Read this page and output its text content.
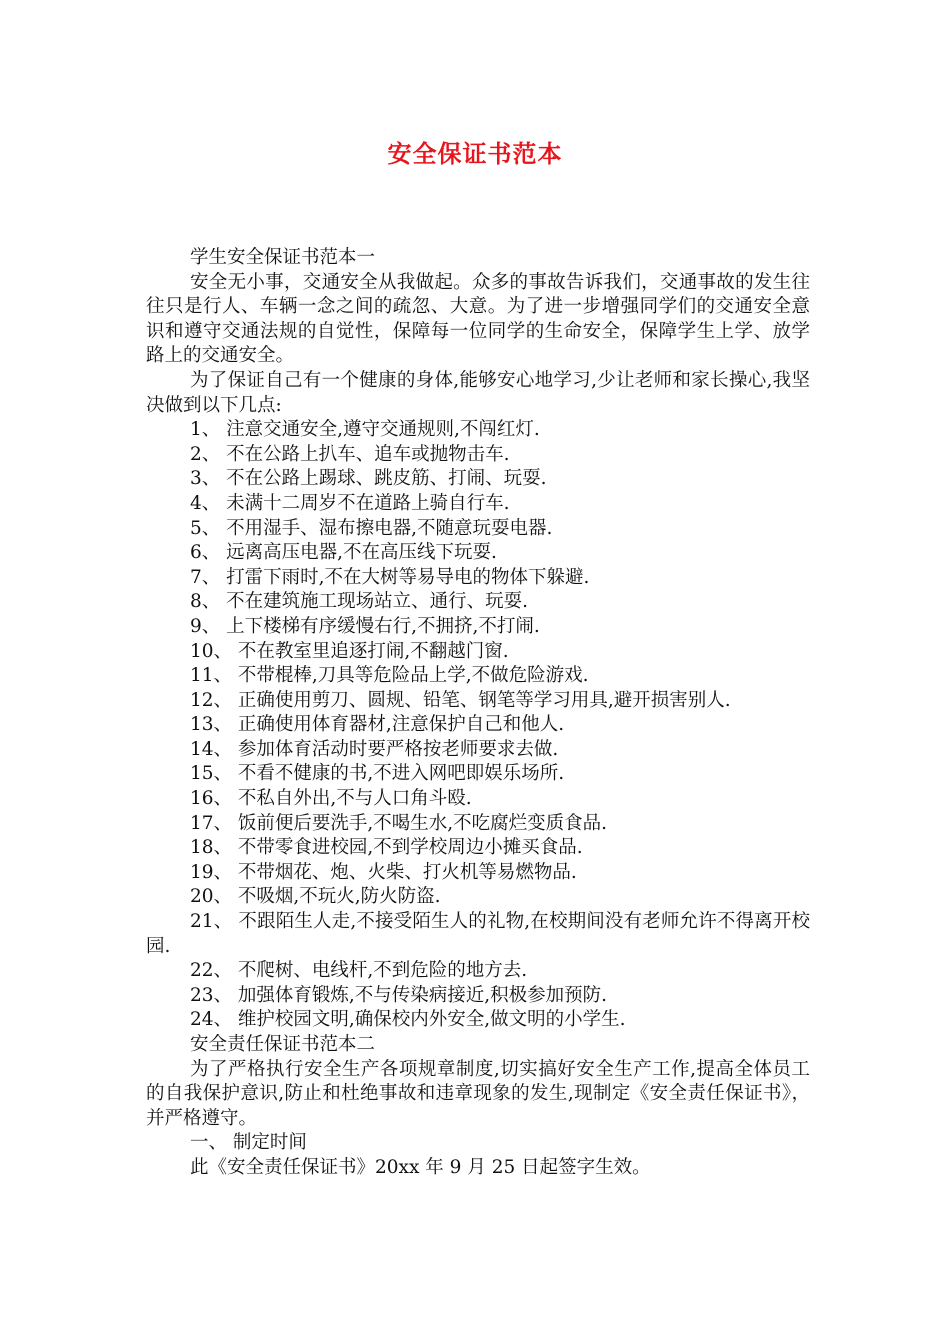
安全保证书范本

学生安全保证书范本一

安全无小事，交通安全从我做起。众多的事故告诉我们，交通事故的发生往往只是行人、车辆一念之间的疏忽、大意。为了进一步增强同学们的交通安全意识和遵守交通法规的自觉性，保障每一位同学的生命安全，保障学生上学、放学路上的交通安全。

为了保证自己有一个健康的身体,能够安心地学习,少让老师和家长操心,我坚决做到以下几点:

1、 注意交通安全,遵守交通规则,不闯红灯.

2、 不在公路上扒车、追车或抛物击车.

3、 不在公路上踢球、跳皮筋、打闹、玩耍.

4、 未满十二周岁不在道路上骑自行车.

5、 不用湿手、湿布擦电器,不随意玩耍电器.

6、 远离高压电器,不在高压线下玩耍.

7、 打雷下雨时,不在大树等易导电的物体下躲避.

8、 不在建筑施工现场站立、通行、玩耍.

9、 上下楼梯有序缓慢右行,不拥挤,不打闹.

10、 不在教室里追逐打闹,不翻越门窗.

11、 不带棍棒,刀具等危险品上学,不做危险游戏.

12、 正确使用剪刀、圆规、铅笔、钢笔等学习用具,避开损害别人.

13、 正确使用体育器材,注意保护自己和他人.

14、 参加体育活动时要严格按老师要求去做.

15、 不看不健康的书,不进入网吧即娱乐场所.

16、 不私自外出,不与人口角斗殴.

17、 饭前便后要洗手,不喝生水,不吃腐烂变质食品.

18、 不带零食进校园,不到学校周边小摊买食品.

19、 不带烟花、炮、火柴、打火机等易燃物品.

20、 不吸烟,不玩火,防火防盗.

21、 不跟陌生人走,不接受陌生人的礼物,在校期间没有老师允许不得离开校园.

22、 不爬树、电线杆,不到危险的地方去.

23、 加强体育锻炼,不与传染病接近,积极参加预防.

24、 维护校园文明,确保校内外安全,做文明的小学生.

安全责任保证书范本二

为了严格执行安全生产各项规章制度,切实搞好安全生产工作,提高全体员工的自我保护意识,防止和杜绝事故和违章现象的发生,现制定《安全责任保证书》，并严格遵守。

一、 制定时间

此《安全责任保证书》20xx 年 9 月 25 日起签字生效。
